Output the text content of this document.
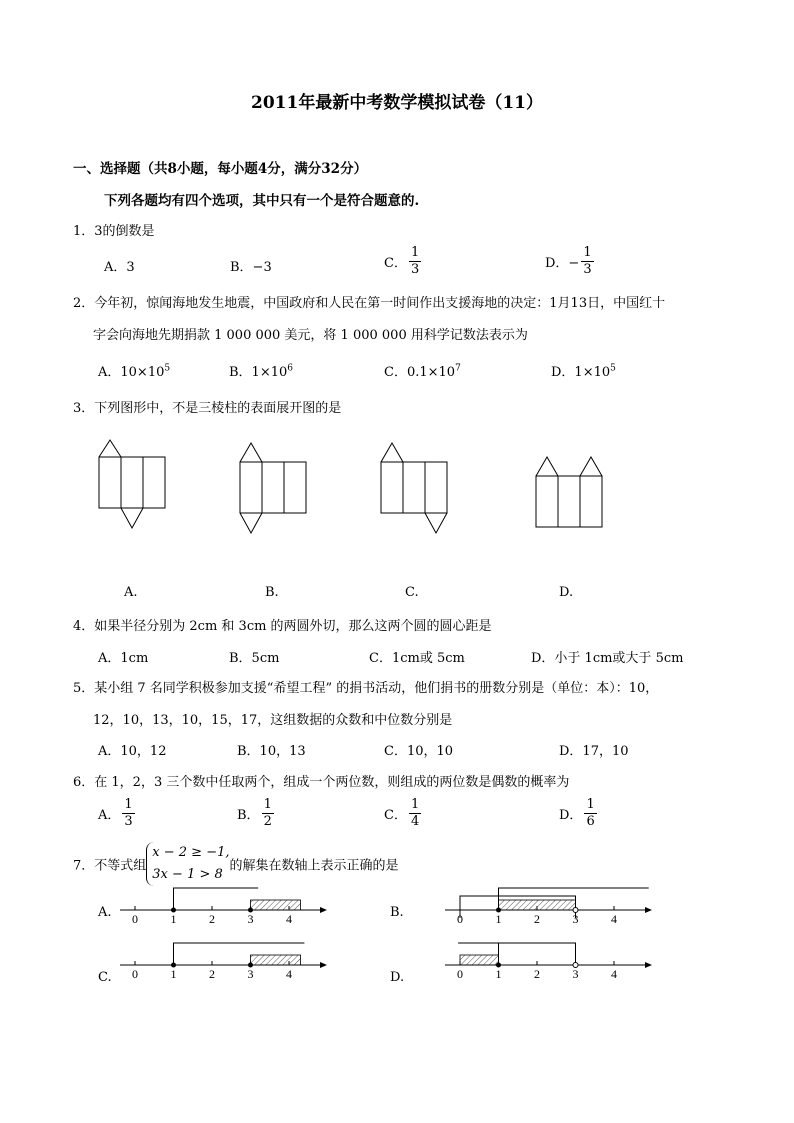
2011年最新中考数学模拟试卷（11）
一、选择题（共8小题，每小题4分，满分32分）
下列各题均有四个选项，其中只有一个是符合题意的.
1．3的倒数是
A．3	B．−3	C． $\frac{1}{3}$	D．− $\frac{1}{3}$
2．今年初，惊闻海地发生地震，中国政府和人民在第一时间作出支援海地的决定：1月13日，中国红十
字会向海地先期捐款 1 000 000 美元，将 1 000 000 用科学记数法表示为
A．$10\times 10^5$	B．$1\times 10^6$	C．$0.1\times 10^7$	D．$1\times 10^5$
3．下列图形中，不是三棱柱的表面展开图的是
A.	B.	C.	D.
4．如果半径分别为 2cm 和 3cm 的两圆外切，那么这两个圆的圆心距是
A．1cm	B．5cm	C．1cm或 5cm	D．小于 1cm或大于 5cm
5．某小组 7 名同学积极参加支援“希望工程” 的捐书活动，他们捐书的册数分别是（单位：本）：10，
12，10，13，10，15，17，这组数据的众数和中位数分别是
A．10，12	B．10，13	C．10，10	D．17，10
6．在 1，2，3 三个数中任取两个，组成一个两位数，则组成的两位数是偶数的概率为
A． $\frac{1}{3}$	B． $\frac{1}{2}$	C． $\frac{1}{4}$	D． $\frac{1}{6}$
7．不等式组
x − 2 ≥ −1,
3x − 1 > 8
的解集在数轴上表示正确的是
A.	B.
C.	D.
0	1	2	3	4	0	1	2	3	4
0	1	2	3	4	0	1	2	3	4
